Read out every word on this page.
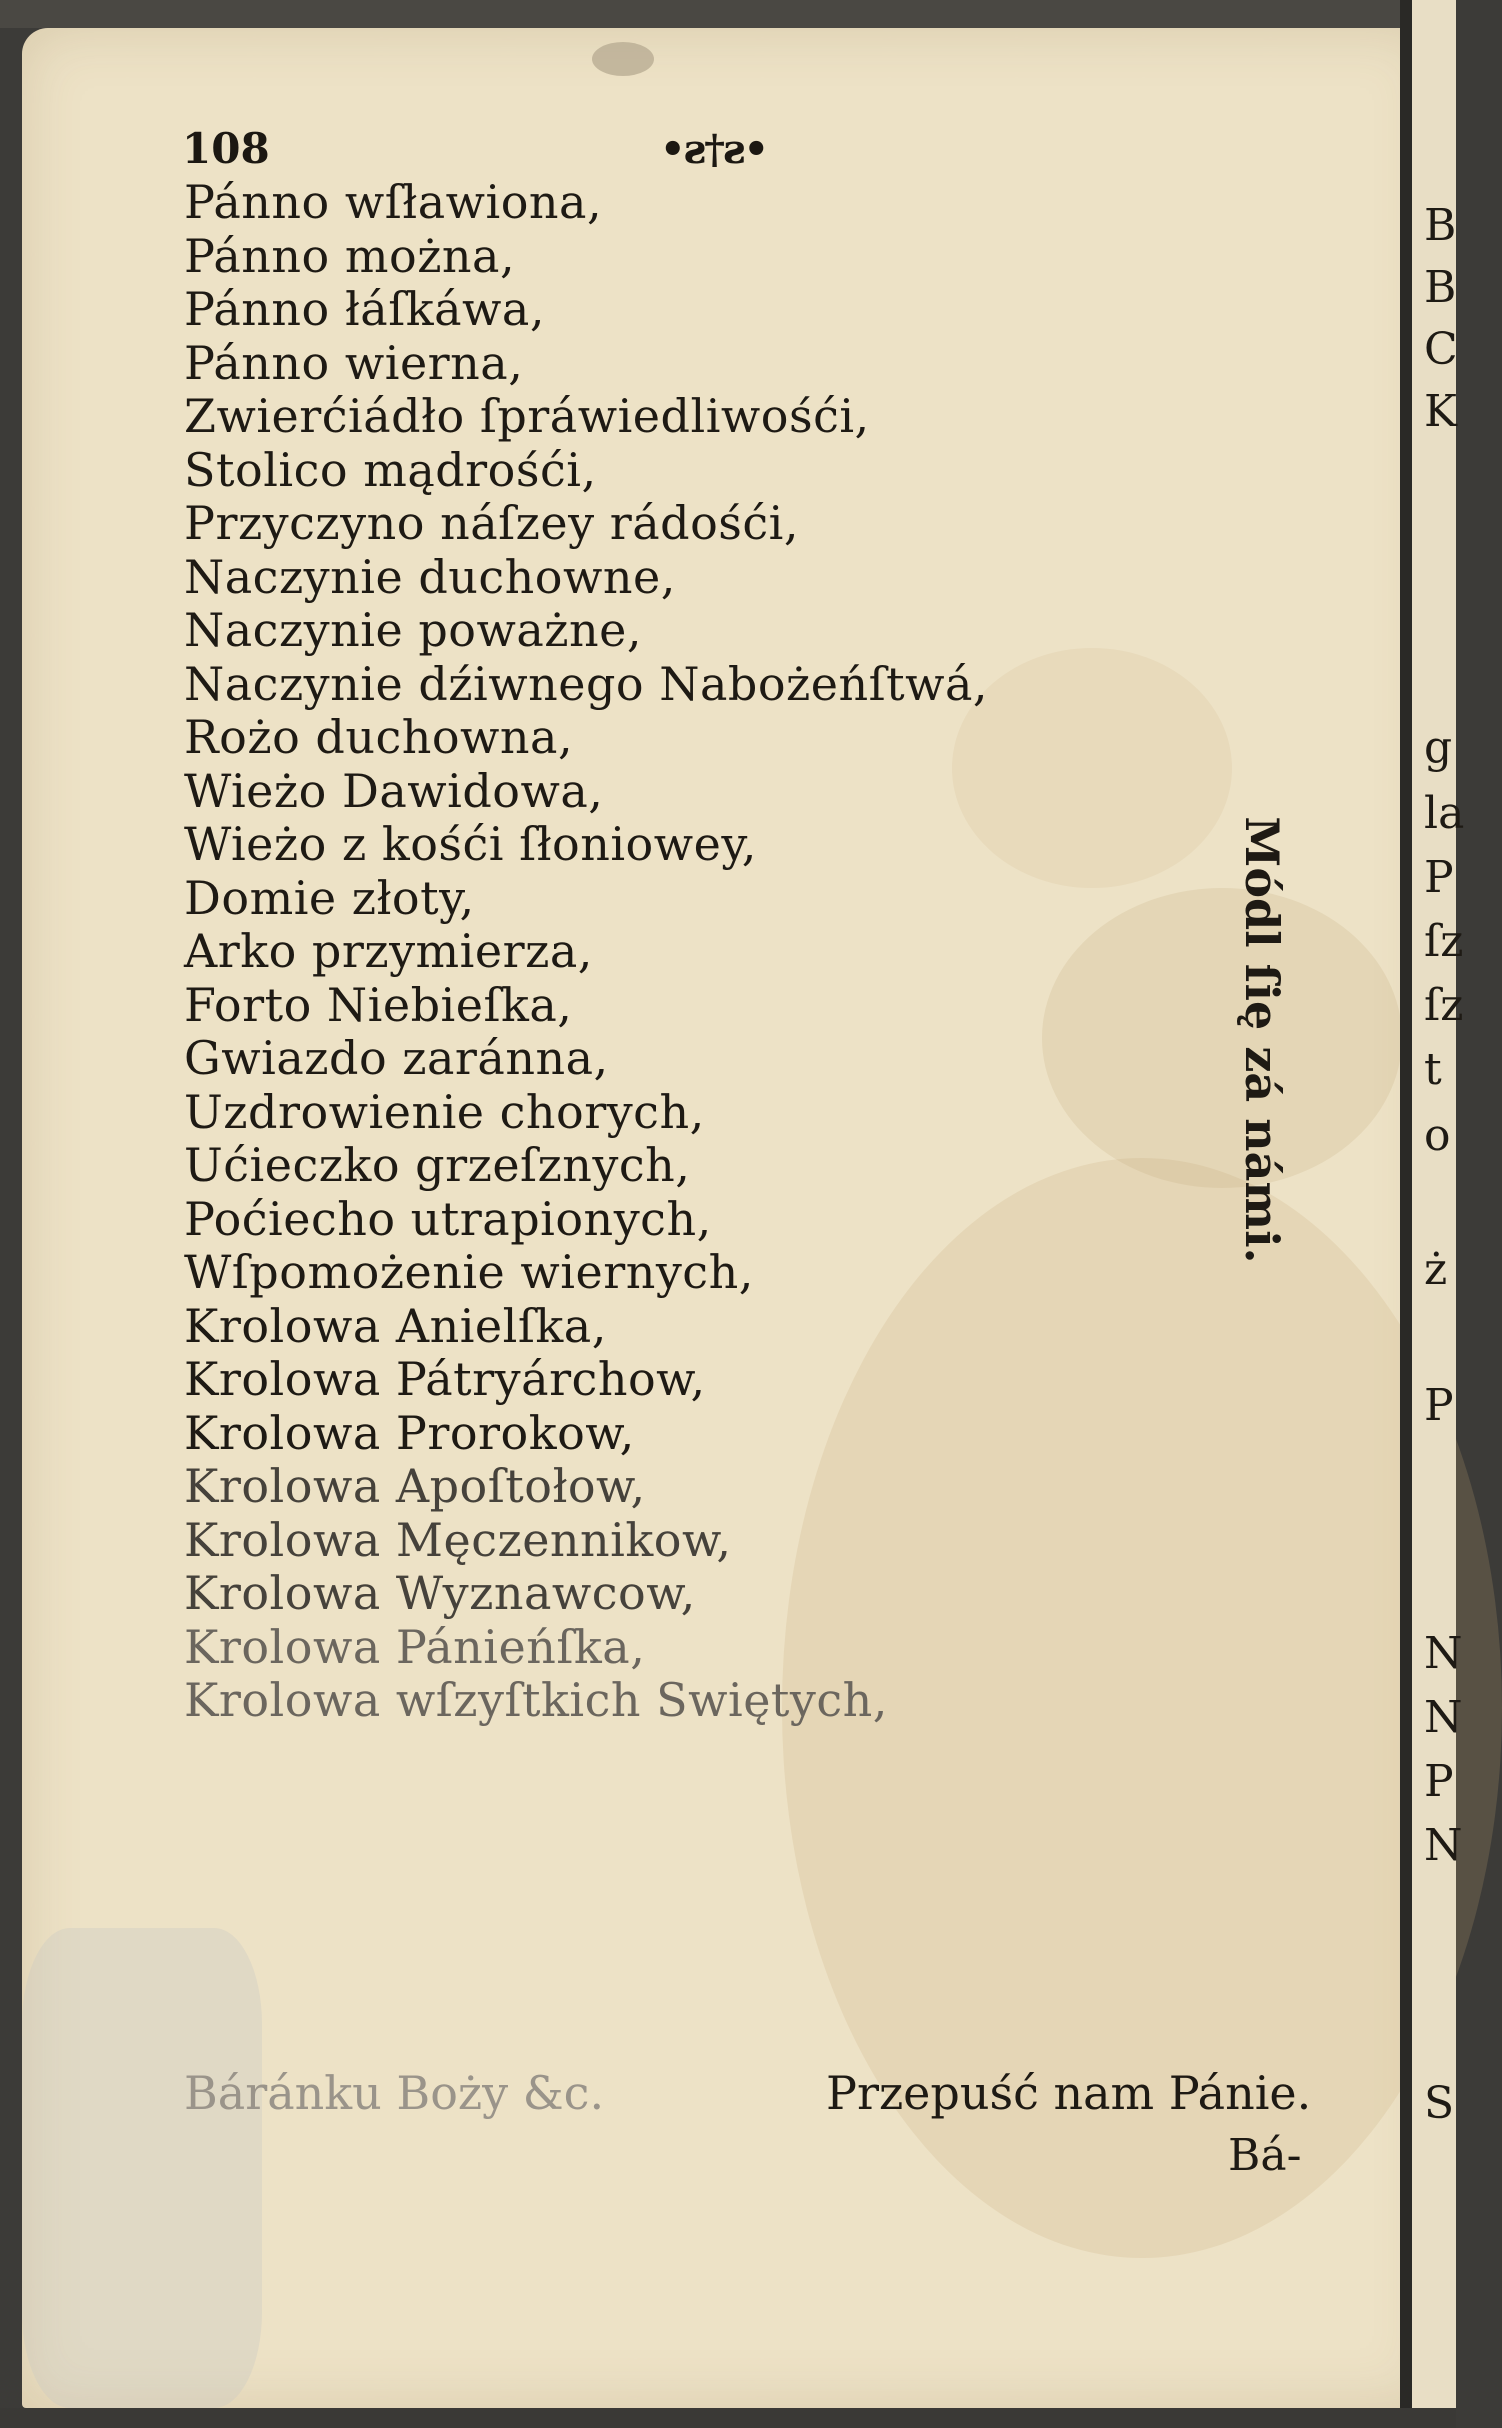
108	•ƨ†ƨ•
Pánno wſławiona,
Pánno można,
Pánno łáſkáwa,
Pánno wierna,
Zwierćiádło ſpráwiedliwośći,
Stolico mądrośći,
Przyczyno náſzey rádośći,
Naczynie duchowne,
Naczynie poważne,
Naczynie dźiwnego Nabożeńſtwá,
Rożo duchowna,
Wieżo Dawidowa,
Wieżo z kośći ſłoniowey,
Domie złoty,
Arko przymierza,
Forto Niebieſka,
Gwiazdo zaránna,
Uzdrowienie chorych,
Ućieczko grzeſznych,
Poćiecho utrapionych,
Wſpomożenie wiernych,
Krolowa Anielſka,
Krolowa Pátryárchow,
Krolowa Prorokow,
Krolowa Apoſtołow,
Krolowa Męczennikow,
Krolowa Wyznawcow,
Krolowa Pánieńſka,
Krolowa wſzyſtkich Swiętych,
Báránku Boży &c.	Przepuść nam Pánie.
Bá-
Módl ſię zá námi.
B
B
C
K
g
la
P
ſz
ſz
t
o
ż
P
N
N
P
N
S
